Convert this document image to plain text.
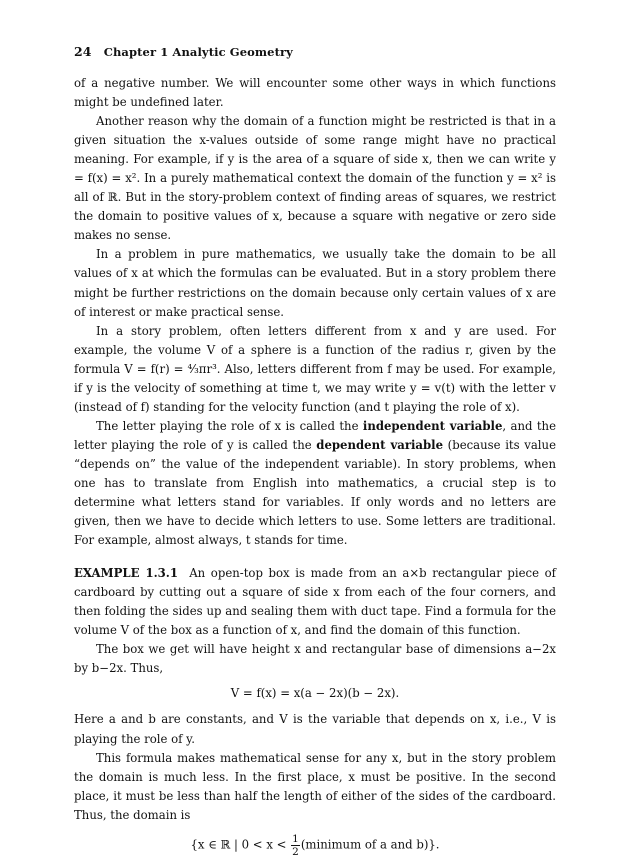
24 Chapter 1 Analytic Geometry

of a negative number. We will encounter some other ways in which functions might be undefined later.

Another reason why the domain of a function might be restricted is that in a given situation the x-values outside of some range might have no practical meaning. For example, if y is the area of a square of side x, then we can write y = f(x) = x². In a purely mathematical context the domain of the function y = x² is all of ℝ. But in the story-problem context of finding areas of squares, we restrict the domain to positive values of x, because a square with negative or zero side makes no sense.

In a problem in pure mathematics, we usually take the domain to be all values of x at which the formulas can be evaluated. But in a story problem there might be further restrictions on the domain because only certain values of x are of interest or make practical sense.

In a story problem, often letters different from x and y are used. For example, the volume V of a sphere is a function of the radius r, given by the formula V = f(r) = ⁴⁄₃πr³. Also, letters different from f may be used. For example, if y is the velocity of something at time t, we may write y = v(t) with the letter v (instead of f) standing for the velocity function (and t playing the role of x).

The letter playing the role of x is called the independent variable, and the letter playing the role of y is called the dependent variable (because its value “depends on” the value of the independent variable). In story problems, when one has to translate from English into mathematics, a crucial step is to determine what letters stand for variables. If only words and no letters are given, then we have to decide which letters to use. Some letters are traditional. For example, almost always, t stands for time.

EXAMPLE 1.3.1 An open-top box is made from an a×b rectangular piece of cardboard by cutting out a square of side x from each of the four corners, and then folding the sides up and sealing them with duct tape. Find a formula for the volume V of the box as a function of x, and find the domain of this function.

The box we get will have height x and rectangular base of dimensions a−2x by b−2x. Thus,

V = f(x) = x(a − 2x)(b − 2x).

Here a and b are constants, and V is the variable that depends on x, i.e., V is playing the role of y.

This formula makes mathematical sense for any x, but in the story problem the domain is much less. In the first place, x must be positive. In the second place, it must be less than half the length of either of the sides of the cardboard. Thus, the domain is

{x ∈ ℝ | $0 < x < \frac{1}{2}$ (minimum of a and b)}.
